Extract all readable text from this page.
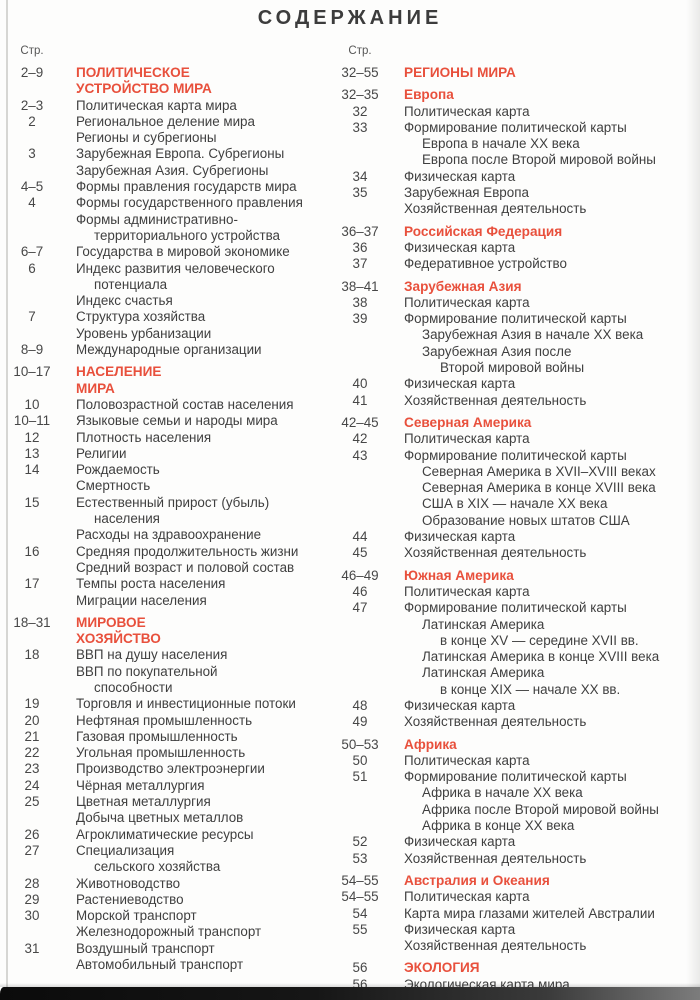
СОДЕРЖАНИЕ
Стр.
2–9	ПОЛИТИЧЕСКОЕ
УСТРОЙСТВО МИРА
2–3	Политическая карта мира
2	Региональное деление мира
Регионы и субрегионы
3	Зарубежная Европа. Субрегионы
Зарубежная Азия. Субрегионы
4–5	Формы правления государств мира
4	Формы государственного правления
Формы административно-
территориального устройства
6–7	Государства в мировой экономике
6	Индекс развития человеческого
потенциала
Индекс счастья
7	Структура хозяйства
Уровень урбанизации
8–9	Международные организации
10–17	НАСЕЛЕНИЕ
МИРА
10	Половозрастной состав населения
10–11	Языковые семьи и народы мира
12	Плотность населения
13	Религии
14	Рождаемость
Смертность
15	Естественный прирост (убыль)
населения
Расходы на здравоохранение
16	Средняя продолжительность жизни
Средний возраст и половой состав
17	Темпы роста населения
Миграции населения
18–31	МИРОВОЕ
ХОЗЯЙСТВО
18	ВВП на душу населения
ВВП по покупательной
способности
19	Торговля и инвестиционные потоки
20	Нефтяная промышленность
21	Газовая промышленность
22	Угольная промышленность
23	Производство электроэнергии
24	Чёрная металлургия
25	Цветная металлургия
Добыча цветных металлов
26	Агроклиматические ресурсы
27	Специализация
сельского хозяйства
28	Животноводство
29	Растениеводство
30	Морской транспорт
Железнодорожный транспорт
31	Воздушный транспорт
Автомобильный транспорт
Стр.
32–55	РЕГИОНЫ МИРА
32–35	Европа
32	Политическая карта
33	Формирование политической карты
Европа в начале XX века
Европа после Второй мировой войны
34	Физическая карта
35	Зарубежная Европа
Хозяйственная деятельность
36–37	Российская Федерация
36	Физическая карта
37	Федеративное устройство
38–41	Зарубежная Азия
38	Политическая карта
39	Формирование политической карты
Зарубежная Азия в начале XX века
Зарубежная Азия после
Второй мировой войны
40	Физическая карта
41	Хозяйственная деятельность
42–45	Северная Америка
42	Политическая карта
43	Формирование политической карты
Северная Америка в XVII–XVIII веках
Северная Америка в конце XVIII века
США в XIX — начале XX века
Образование новых штатов США
44	Физическая карта
45	Хозяйственная деятельность
46–49	Южная Америка
46	Политическая карта
47	Формирование политической карты
Латинская Америка
в конце XV — середине XVII вв.
Латинская Америка в конце XVIII века
Латинская Америка
в конце XIX — начале XX вв.
48	Физическая карта
49	Хозяйственная деятельность
50–53	Африка
50	Политическая карта
51	Формирование политической карты
Африка в начале XX века
Африка после Второй мировой войны
Африка в конце XX века
52	Физическая карта
53	Хозяйственная деятельность
54–55	Австралия и Океания
54–55	Политическая карта
54	Карта мира глазами жителей Австралии
55	Физическая карта
Хозяйственная деятельность
56	ЭКОЛОГИЯ
